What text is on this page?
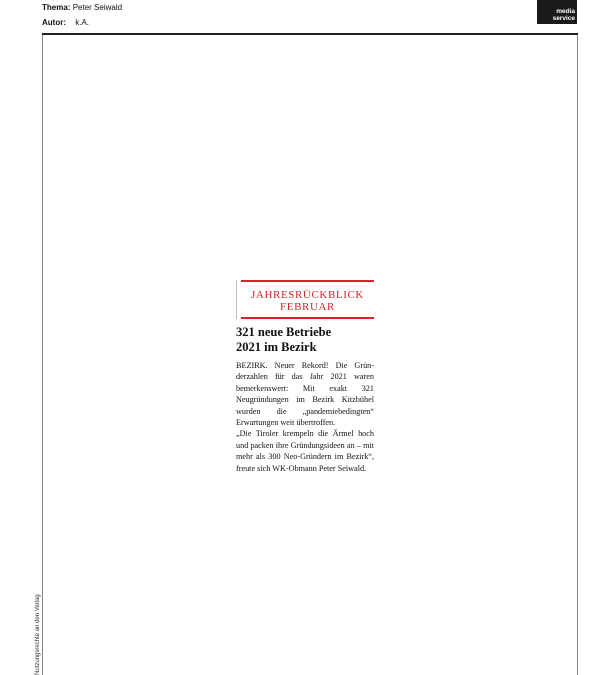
Thema: Peter Seiwald
Autor: k.A.
media
service
Nutzungsrechte an den Verlag
JAHRESRÜCKBLICK
FEBRUAR
321 neue Betriebe
2021 im Bezirk

BEZIRK. Neuer Rekord! Die Gründerzahlen für das Jahr 2021 waren bemerkenswert: Mit exakt 321 Neugründungen im Bezirk Kitzbühel wurden die „pandemiebedingten“ Erwartungen weit übertroffen.

„Die Tiroler krempeln die Ärmel hoch und packen ihre Gründungsideen an – mit mehr als 300 Neo-Gründern im Bezirk“, freute sich WK-Obmann Peter Seiwald.
